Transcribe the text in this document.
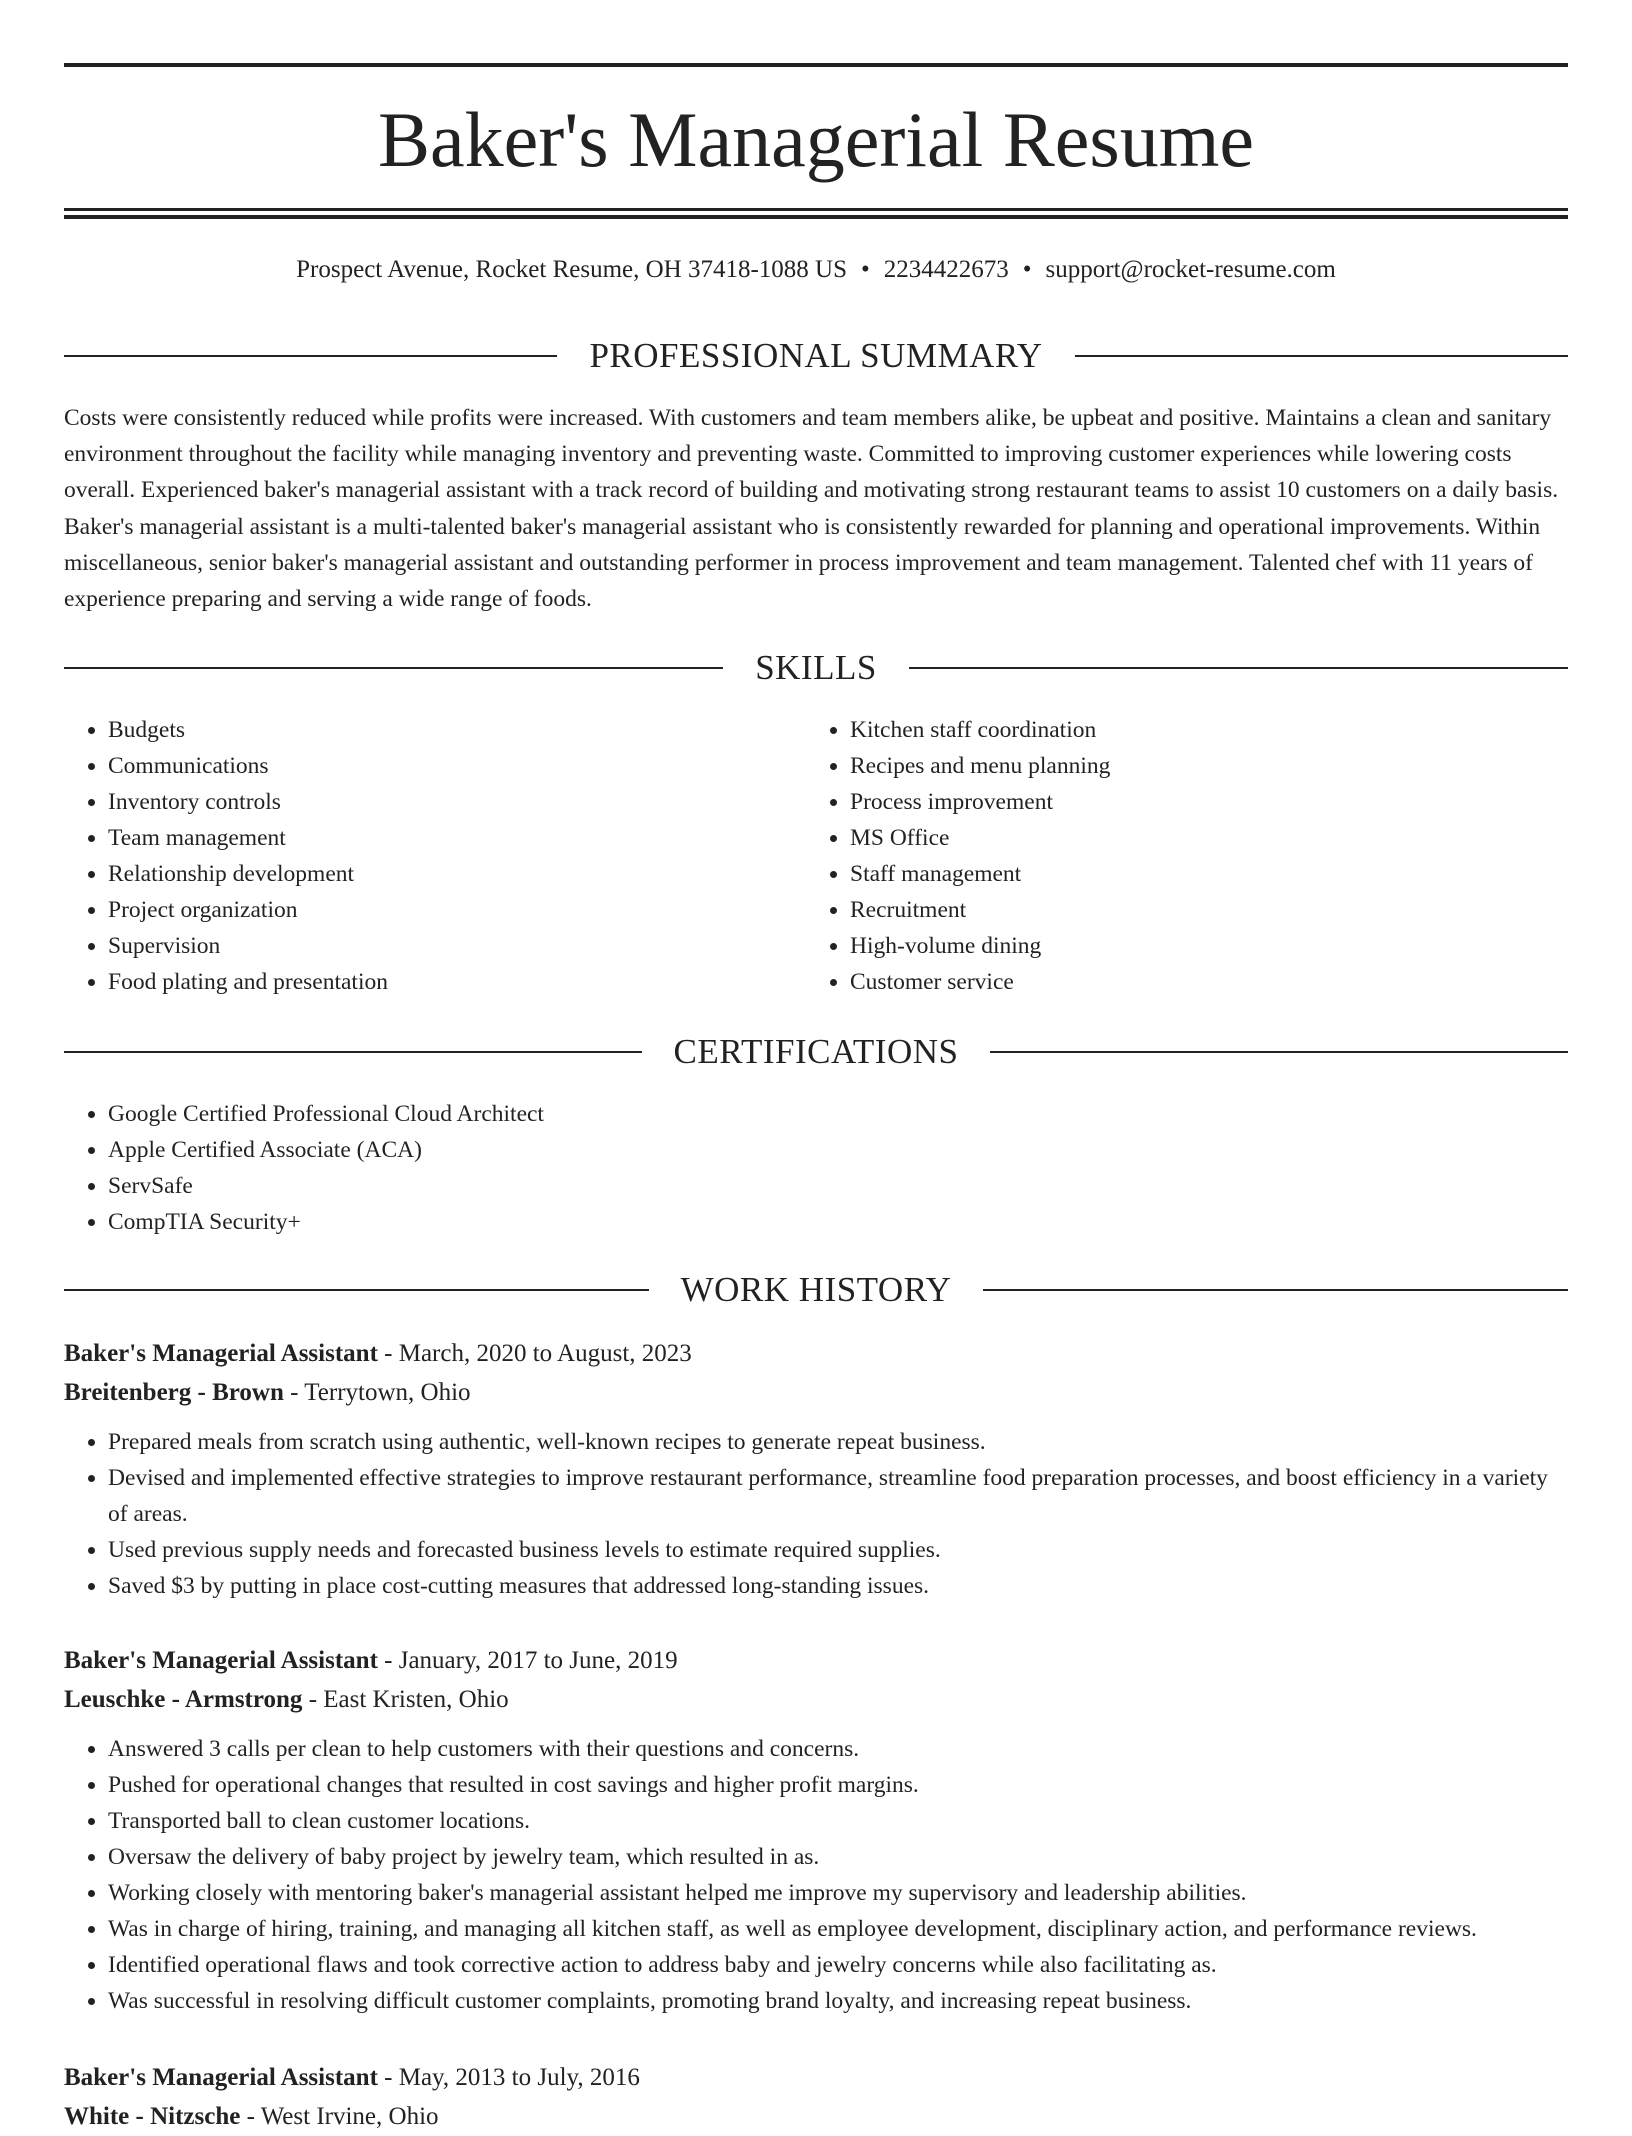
Baker's Managerial Resume
Prospect Avenue, Rocket Resume, OH 37418-1088 US • 2234422673 • support@rocket-resume.com
PROFESSIONAL SUMMARY

Costs were consistently reduced while profits were increased. With customers and team members alike, be upbeat and positive. Maintains a clean and sanitary environment throughout the facility while managing inventory and preventing waste. Committed to improving customer experiences while lowering costs overall. Experienced baker's managerial assistant with a track record of building and motivating strong restaurant teams to assist 10 customers on a daily basis. Baker's managerial assistant is a multi-talented baker's managerial assistant who is consistently rewarded for planning and operational improvements. Within miscellaneous, senior baker's managerial assistant and outstanding performer in process improvement and team management. Talented chef with 11 years of experience preparing and serving a wide range of foods.

SKILLS
• Budgets
• Communications
• Inventory controls
• Team management
• Relationship development
• Project organization
• Supervision
• Food plating and presentation
• Kitchen staff coordination
• Recipes and menu planning
• Process improvement
• MS Office
• Staff management
• Recruitment
• High-volume dining
• Customer service
CERTIFICATIONS
• Google Certified Professional Cloud Architect
• Apple Certified Associate (ACA)
• ServSafe
• CompTIA Security+
WORK HISTORY
Baker's Managerial Assistant - March, 2020 to August, 2023
Breitenberg - Brown - Terrytown, Ohio
• Prepared meals from scratch using authentic, well-known recipes to generate repeat business.
• Devised and implemented effective strategies to improve restaurant performance, streamline food preparation processes, and boost efficiency in a variety of areas.
• Used previous supply needs and forecasted business levels to estimate required supplies.
• Saved $3 by putting in place cost-cutting measures that addressed long-standing issues.
Baker's Managerial Assistant - January, 2017 to June, 2019
Leuschke - Armstrong - East Kristen, Ohio
• Answered 3 calls per clean to help customers with their questions and concerns.
• Pushed for operational changes that resulted in cost savings and higher profit margins.
• Transported ball to clean customer locations.
• Oversaw the delivery of baby project by jewelry team, which resulted in as.
• Working closely with mentoring baker's managerial assistant helped me improve my supervisory and leadership abilities.
• Was in charge of hiring, training, and managing all kitchen staff, as well as employee development, disciplinary action, and performance reviews.
• Identified operational flaws and took corrective action to address baby and jewelry concerns while also facilitating as.
• Was successful in resolving difficult customer complaints, promoting brand loyalty, and increasing repeat business.
Baker's Managerial Assistant - May, 2013 to July, 2016
White - Nitzsche - West Irvine, Ohio
